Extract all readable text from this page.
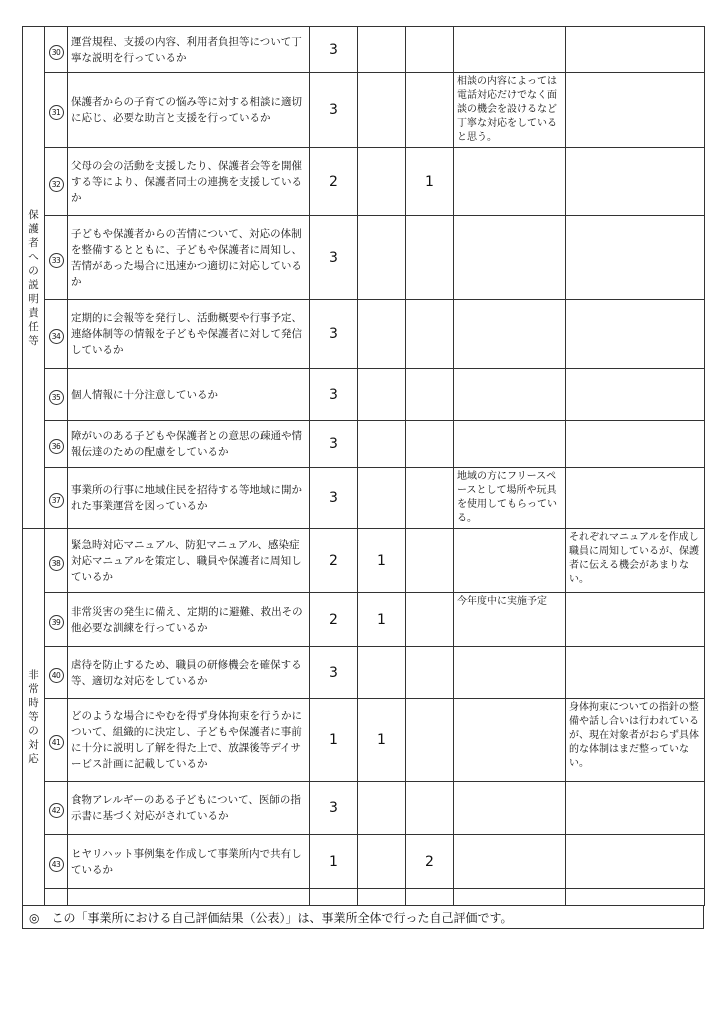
保護者への説明責任等	30	運営規程、支援の内容、利用者負担等について丁寧な説明を行っているか	3					
	31	保護者からの子育ての悩み等に対する相談に適切に応じ、必要な助言と支援を行っているか	3			相談の内容によっては電話対応だけでなく面談の機会を設けるなど丁寧な対応をしていると思う。		
	32	父母の会の活動を支援したり、保護者会等を開催する等により、保護者同士の連携を支援しているか	2		1			
	33	子どもや保護者からの苦情について、対応の体制を整備するとともに、子どもや保護者に周知し、苦情があった場合に迅速かつ適切に対応しているか	3					
	34	定期的に会報等を発行し、活動概要や行事予定、連絡体制等の情報を子どもや保護者に対して発信しているか	3					
	35	個人情報に十分注意しているか	3					
	36	障がいのある子どもや保護者との意思の疎通や情報伝達のための配慮をしているか	3					
	37	事業所の行事に地域住民を招待する等地域に開かれた事業運営を図っているか	3			地域の方にフリースペースとして場所や玩具を使用してもらっている。		
非常時等の対応	38	緊急時対応マニュアル、防犯マニュアル、感染症対応マニュアルを策定し、職員や保護者に周知しているか	2	1			それぞれマニュアルを作成し職員に周知しているが、保護者に伝える機会があまりない。	
	39	非常災害の発生に備え、定期的に避難、救出その他必要な訓練を行っているか	2	1		今年度中に実施予定		
	40	虐待を防止するため、職員の研修機会を確保する等、適切な対応をしているか	3					
	41	どのような場合にやむを得ず身体拘束を行うかについて、組織的に決定し、子どもや保護者に事前に十分に説明し了解を得た上で、放課後等デイサービス計画に記載しているか	1	1			身体拘束についての指針の整備や話し合いは行われているが、現在対象者がおらず具体的な体制はまだ整っていない。	
	42	食物アレルギーのある子どもについて、医師の指示書に基づく対応がされているか	3					
	43	ヒヤリハット事例集を作成して事業所内で共有しているか	1		2			

◎　この「事業所における自己評価結果（公表）」は、事業所全体で行った自己評価です。
